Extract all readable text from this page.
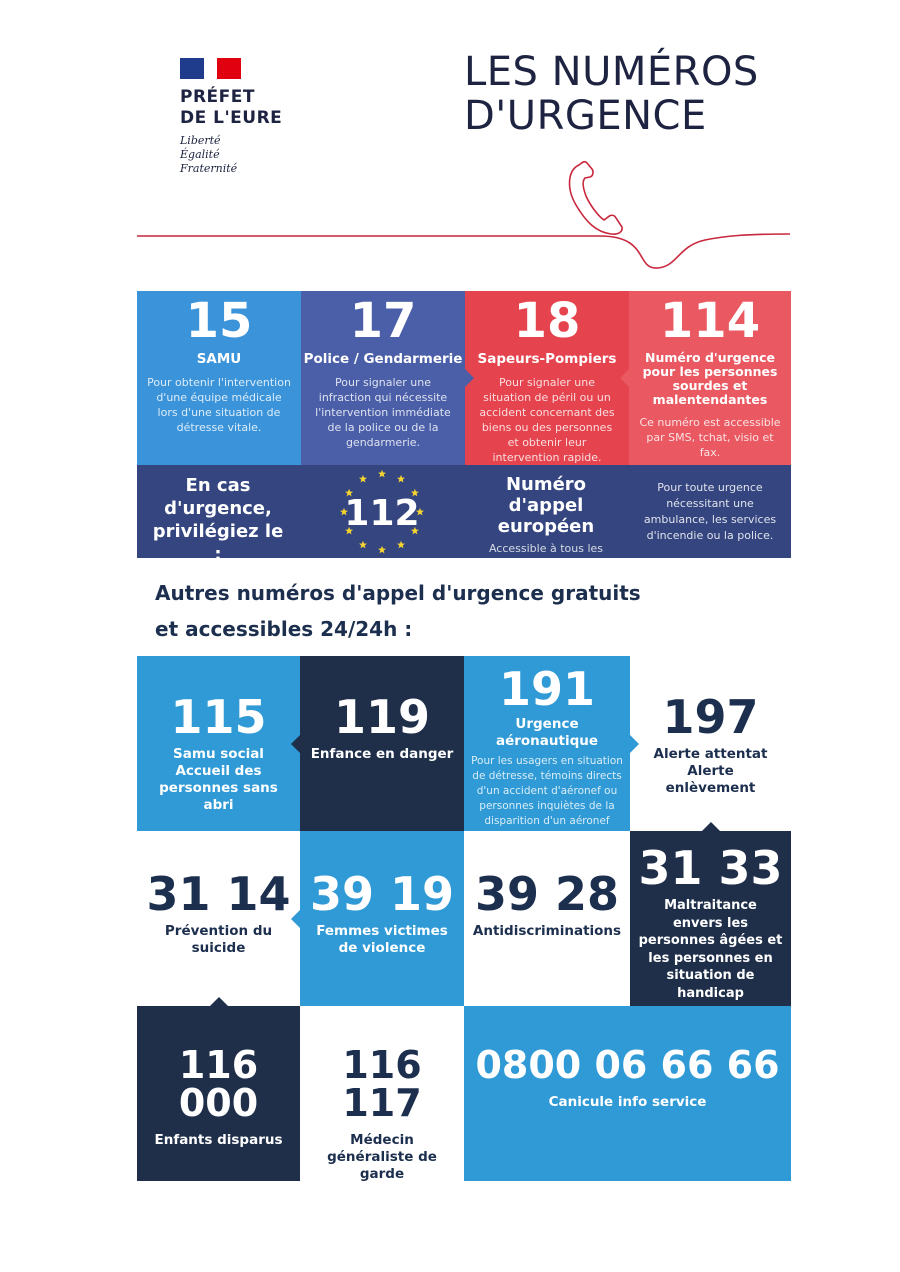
PRÉFET
DE L'EURE
Liberté
Égalité
Fraternité
LES NUMÉROS
D'URGENCE
15
SAMU
Pour obtenir l'intervention d'une équipe médicale lors d'une situation de détresse vitale.
17
Police / Gendarmerie
Pour signaler une infraction qui nécessite l'intervention immédiate de la police ou de la gendarmerie.
18
Sapeurs-Pompiers
Pour signaler une situation de péril ou un accident concernant des biens ou des personnes et obtenir leur intervention rapide.
114
Numéro d'urgence pour les personnes sourdes et malentendantes
Ce numéro est accessible par SMS, tchat, visio et fax.
En cas d'urgence, privilégiez le :
112
Numéro d'appel européen
Accessible à tous les opérateurs
Pour toute urgence nécessitant une ambulance, les services d'incendie ou la police.
Autres numéros d'appel d'urgence gratuits
et accessibles 24/24h :
115
Samu social Accueil des personnes sans abri
119
Enfance en danger
191
Urgence aéronautique
Pour les usagers en situation de détresse, témoins directs d'un accident d'aéronef ou personnes inquiètes de la disparition d'un aéronef
197
Alerte attentat Alerte enlèvement
31 14
Prévention du suicide
39 19
Femmes victimes de violence
39 28
Antidiscriminations
31 33
Maltraitance envers les personnes âgées et les personnes en situation de handicap
116 000
Enfants disparus
116 117
Médecin généraliste de garde
0800 06 66 66
Canicule info service
